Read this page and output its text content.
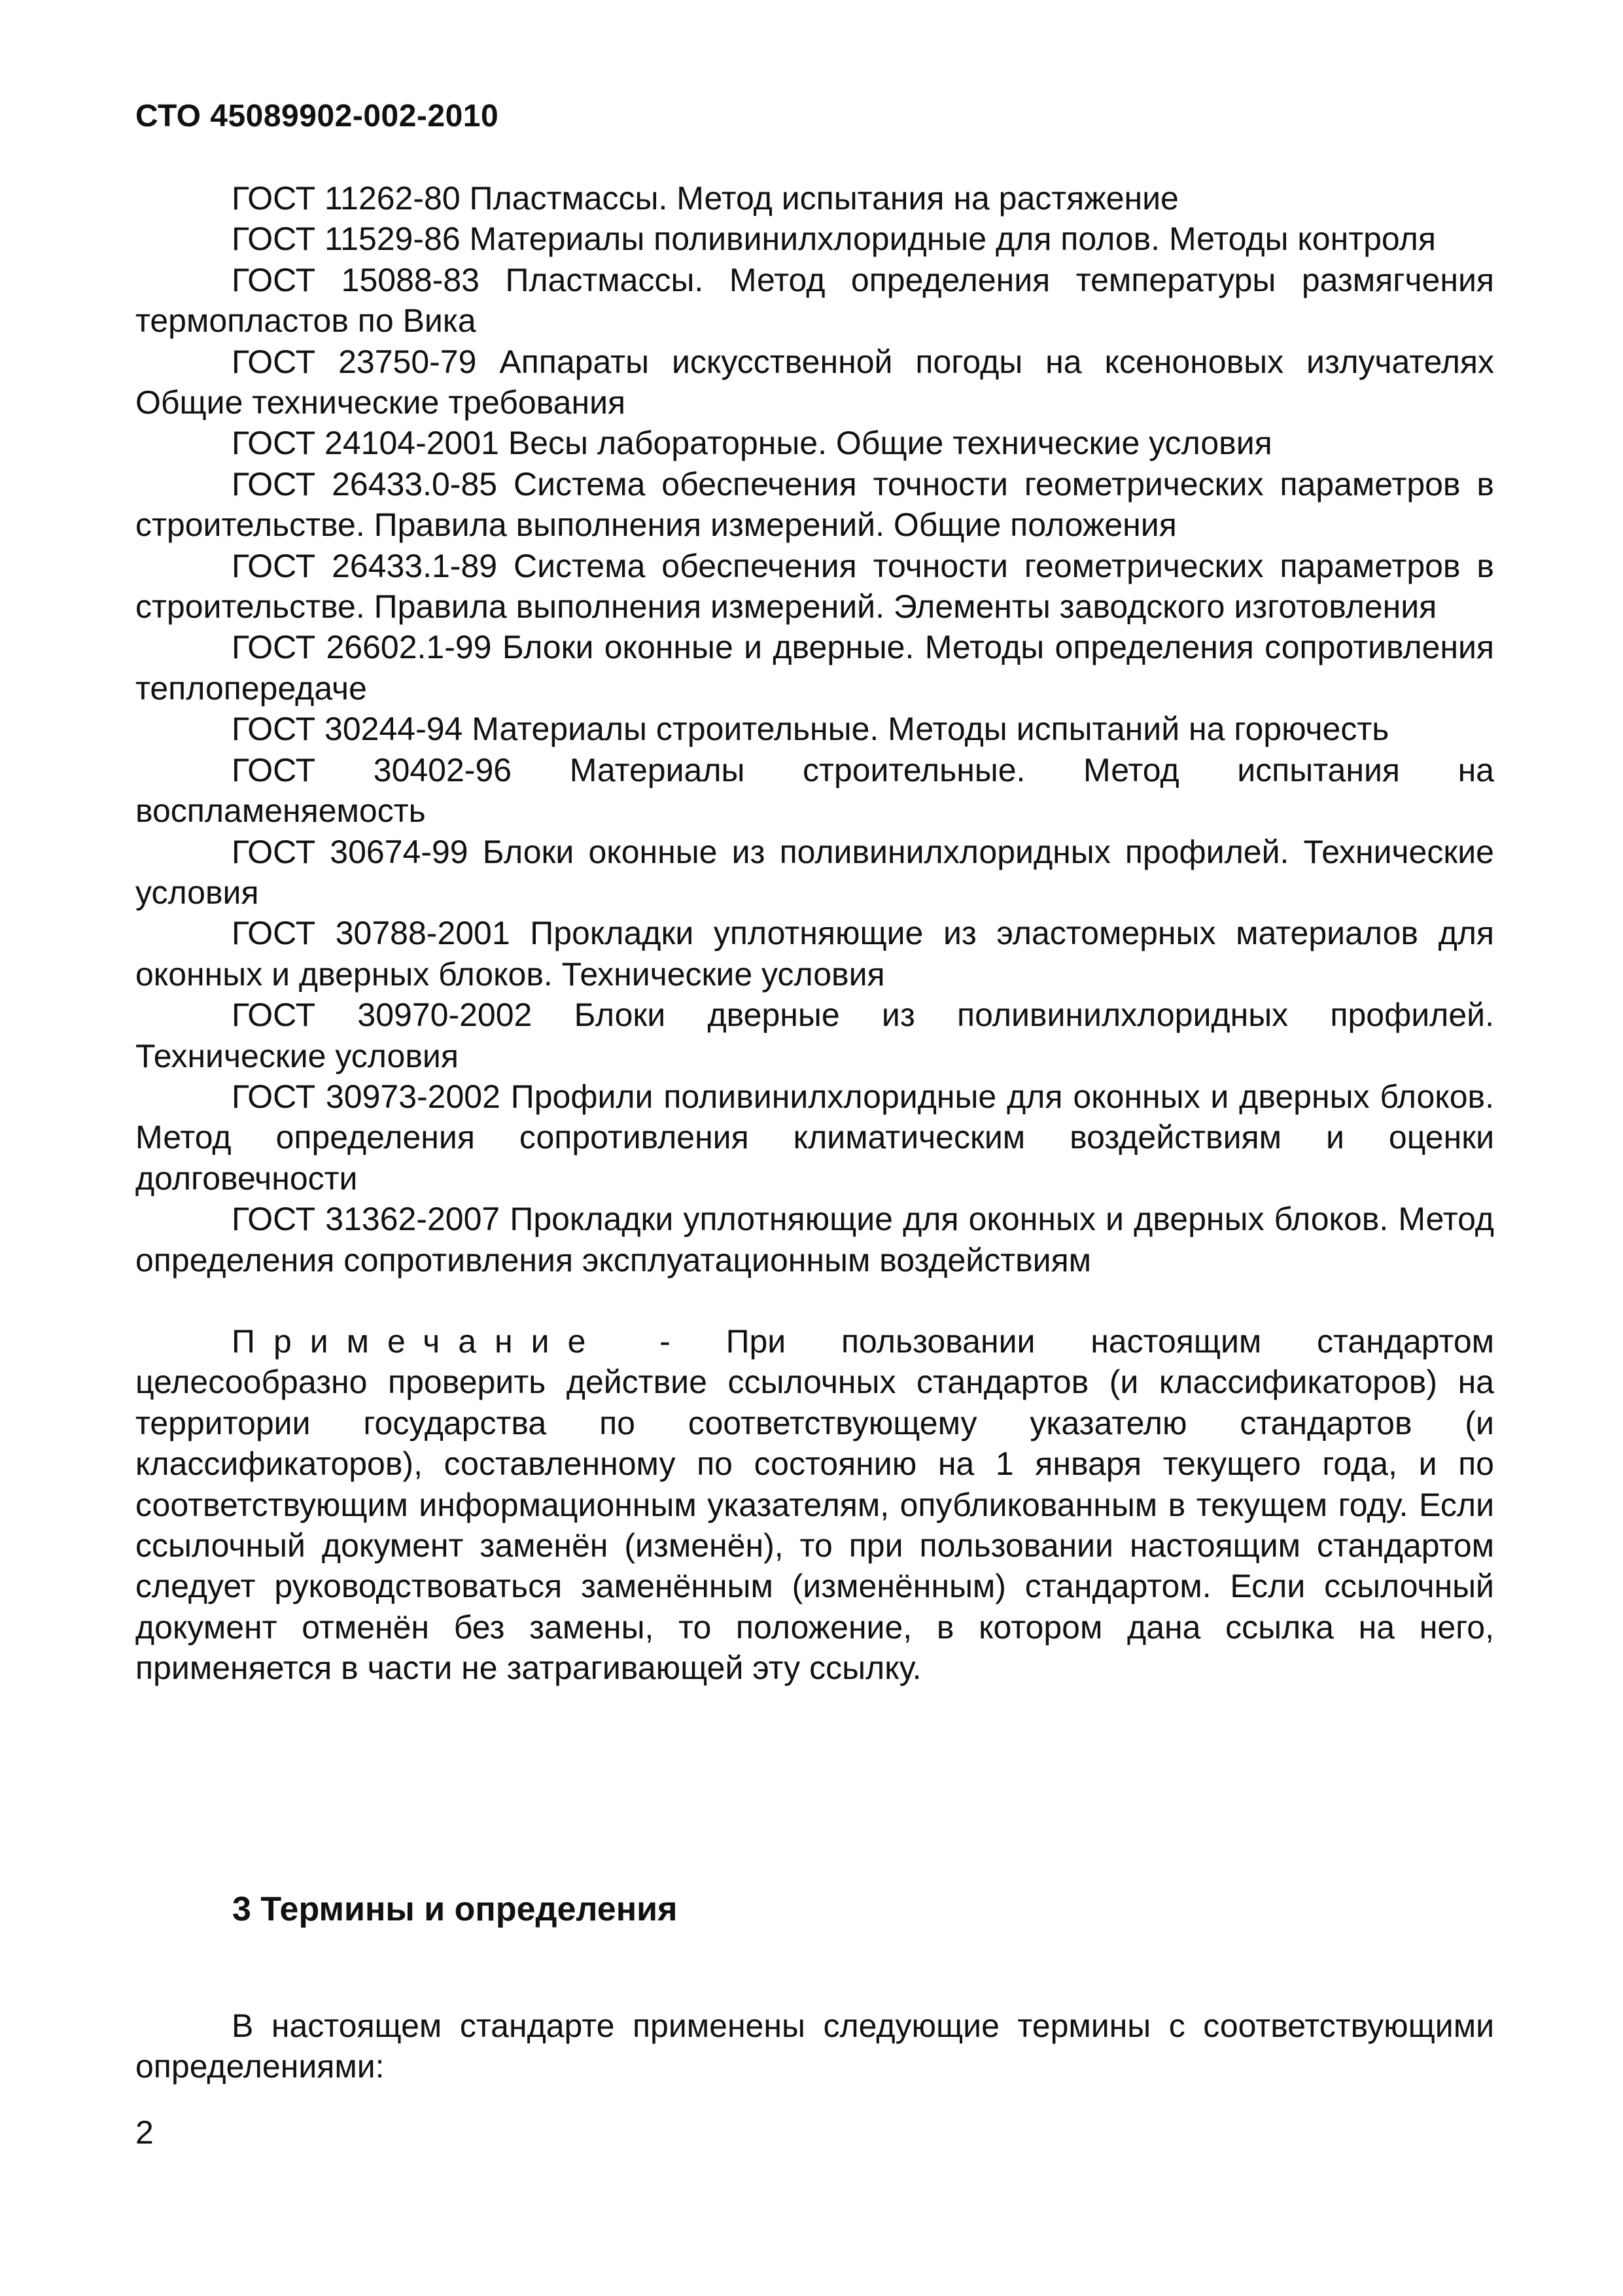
СТО 45089902-002-2010

ГОСТ 11262-80 Пластмассы. Метод испытания на растяжение

ГОСТ 11529-86 Материалы поливинилхлоридные для полов. Методы контроля

ГОСТ 15088-83 Пластмассы. Метод определения температуры размягчения термопластов по Вика

ГОСТ 23750-79 Аппараты искусственной погоды на ксеноновых излучателях Общие технические требования

ГОСТ 24104-2001 Весы лабораторные. Общие технические условия

ГОСТ 26433.0-85 Система обеспечения точности геометрических параметров в строительстве. Правила выполнения измерений. Общие положения

ГОСТ 26433.1-89 Система обеспечения точности геометрических параметров в строительстве. Правила выполнения измерений. Элементы заводского изготовления

ГОСТ 26602.1-99 Блоки оконные и дверные. Методы определения сопротивления теплопередаче

ГОСТ 30244-94 Материалы строительные. Методы испытаний на горючесть

ГОСТ 30402-96 Материалы строительные. Метод испытания на воспламеняемость

ГОСТ 30674-99 Блоки оконные из поливинилхлоридных профилей. Технические условия

ГОСТ 30788-2001 Прокладки уплотняющие из эластомерных материалов для оконных и дверных блоков. Технические условия

ГОСТ 30970-2002 Блоки дверные из поливинилхлоридных профилей. Технические условия

ГОСТ 30973-2002 Профили поливинилхлоридные для оконных и дверных блоков. Метод определения сопротивления климатическим воздействиям и оценки долговечности

ГОСТ 31362-2007 Прокладки уплотняющие для оконных и дверных блоков. Метод определения сопротивления эксплуатационным воздействиям

Примечание - При пользовании настоящим стандартом целесообразно проверить действие ссылочных стандартов (и классификаторов) на территории государства по соответствующему указателю стандартов (и классификаторов), составленному по состоянию на 1 января текущего года, и по соответствующим информационным указателям, опубликованным в текущем году. Если ссылочный документ заменён (изменён), то при пользовании настоящим стандартом следует руководствоваться заменённым (изменённым) стандартом. Если ссылочный документ отменён без замены, то положение, в котором дана ссылка на него, применяется в части не затрагивающей эту ссылку.

3 Термины и определения

В настоящем стандарте применены следующие термины с соответствующими определениями:

2
